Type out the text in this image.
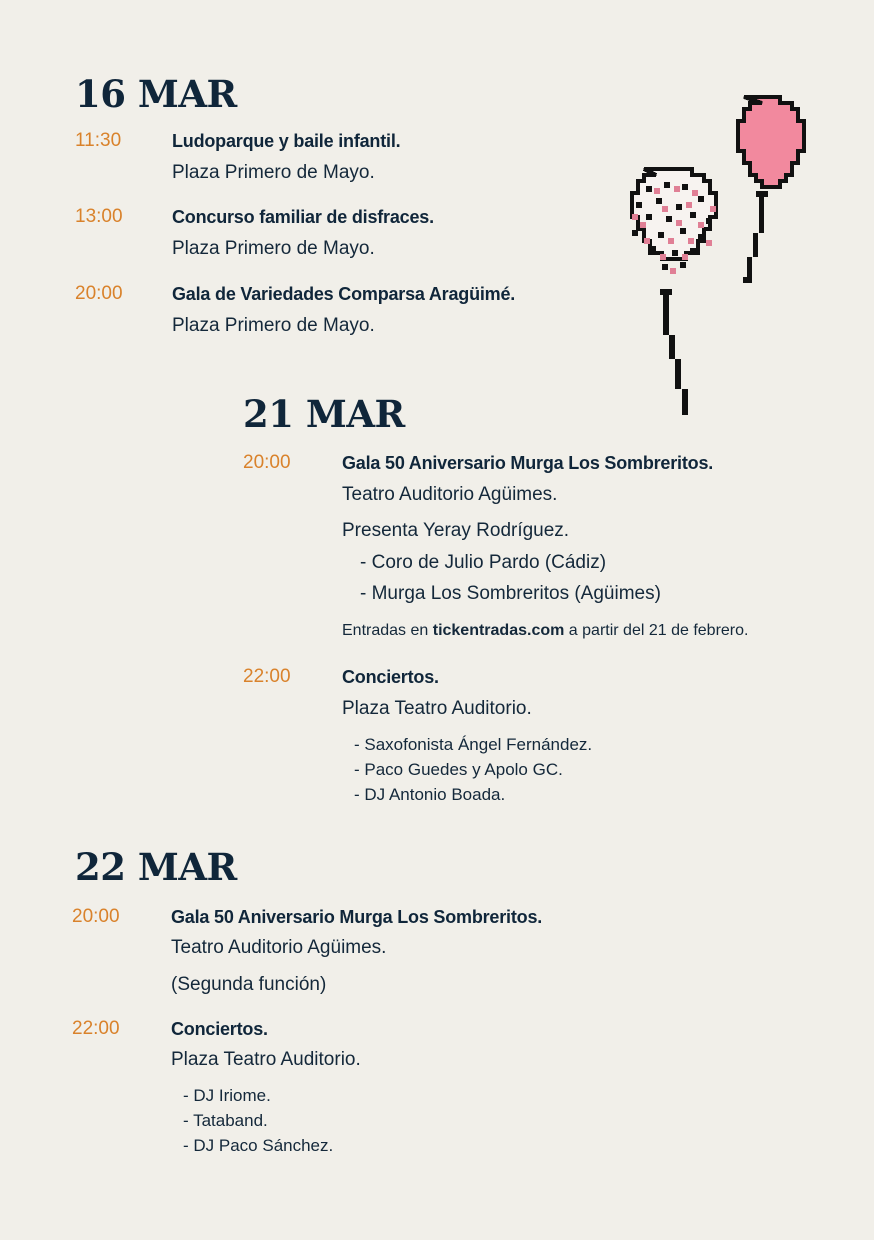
16 MAR
11:30	Ludoparque y baile infantil.
Plaza Primero de Mayo.
13:00	Concurso familiar de disfraces.
Plaza Primero de Mayo.
20:00	Gala de Variedades Comparsa Aragüimé.
Plaza Primero de Mayo.
21 MAR
20:00	Gala 50 Aniversario Murga Los Sombreritos.
Teatro Auditorio Agüimes.
Presenta Yeray Rodríguez.
- Coro de Julio Pardo (Cádiz)
- Murga Los Sombreritos (Agüimes)
Entradas en tickentradas.com a partir del 21 de febrero.
22:00	Conciertos.
Plaza Teatro Auditorio.
- Saxofonista Ángel Fernández.
- Paco Guedes y Apolo GC.
- DJ Antonio Boada.
22 MAR
20:00	Gala 50 Aniversario Murga Los Sombreritos.
Teatro Auditorio Agüimes.
(Segunda función)
22:00	Conciertos.
Plaza Teatro Auditorio.
- DJ Iriome.
- Tataband.
- DJ Paco Sánchez.
